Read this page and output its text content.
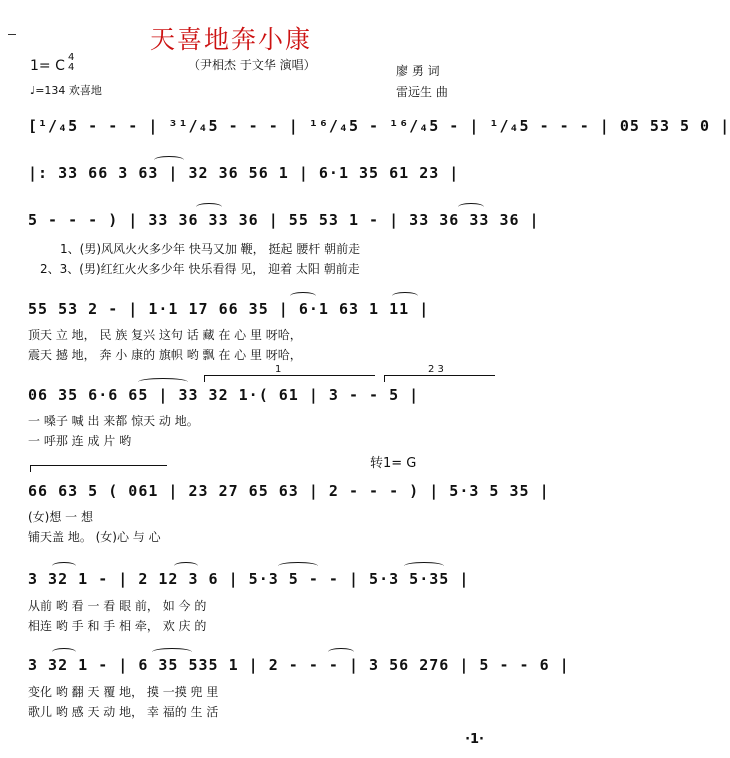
天喜地奔小康
（尹相杰 于文华 演唱）
1= C
4
4
♩=134 欢喜地
廖 勇 词
雷远生 曲
[¹/₄5 - - - | ³¹/₄5 - - - | ¹⁶/₄5 - ¹⁶/₄5 - | ¹/₄5 - - - | 05 53 5 0 |
|: 33 66 3 63 | 32 36 56 1 | 6·1 35 61 23 |
5 - - - ) | 33 36 33 36 | 55 53 1 - | 33 36 33 36 |
1、(男)风风火火多少年 快马又加 鞭， 挺起 腰杆 朝前走
2、3、(男)红红火火多少年 快乐看得 见， 迎着 太阳 朝前走
55 53 2 - | 1·1 17 66 35 | 6·1 63 1 11 |
顶天 立 地， 民 族 复兴 这句 话 藏 在 心 里 呀哈，
震天 撼 地， 奔 小 康的 旗帜 哟 飘 在 心 里 呀哈，
1	2 3
06 35 6·6 65 | 33 32 1·( 61 | 3 - - 5 |
一 嗓子 喊 出 来都 惊天 动 地。
一 呼那 连 成 片 哟
转1= G
66 63 5 ( 061 | 23 27 65 63 | 2 - - - ) | 5·3 5 35 |
(女)想 一 想
铺天盖 地。 (女)心 与 心
3 32 1 - | 2 12 3 6 | 5·3 5 - - | 5·3 5·35 |
从前 哟 看 一 看 眼 前， 如 今 的
相连 哟 手 和 手 相 牵， 欢 庆 的
3 32 1 - | 6 35 535 1 | 2 - - - | 3 56 276 | 5 - - 6 |
变化 哟 翻 天 覆 地， 摸 一摸 兜 里
歌儿 哟 感 天 动 地， 幸 福的 生 活
·1·
